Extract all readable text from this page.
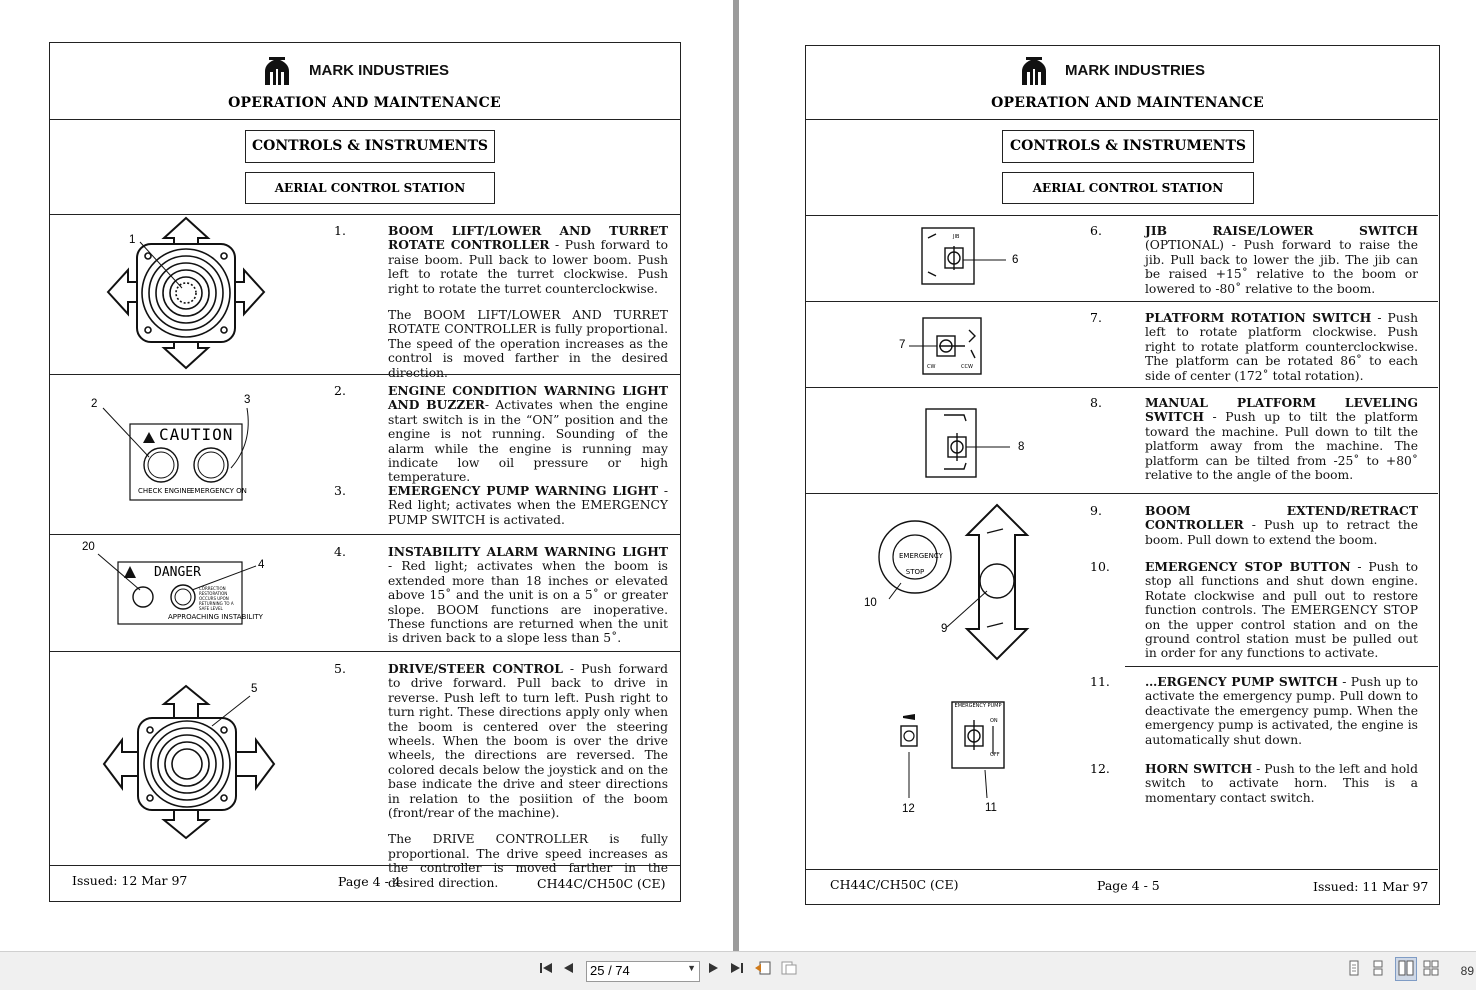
MARK INDUSTRIES
OPERATION AND MAINTENANCE
CONTROLS & INSTRUMENTS
AERIAL CONTROL STATION
1
1.	BOOM LIFT/LOWER AND TURRET ROTATE CONTROLLER - Push forward to raise boom. Pull back to lower boom. Push left to rotate the turret clockwise. Push right to rotate the turret counterclockwise.

The BOOM LIFT/LOWER AND TURRET ROTATE CONTROLLER is fully proportional. The speed of the operation increases as the control is moved farther in the desired direction.

2	3
CAUTION
CHECK ENGINE
EMERGENCY ON
2.	ENGINE CONDITION WARNING LIGHT AND BUZZER- Activates when the engine start switch is in the “ON” position and the engine is not running. Sounding of the alarm while the engine is running may indicate low oil pressure or high temperature.

3.	EMERGENCY PUMP WARNING LIGHT - Red light; activates when the EMERGENCY PUMP SWITCH is activated.

20
4
DANGER
CORRECTION RESTORATION OCCURS UPON RETURNING TO A SAFE LEVEL
APPROACHING INSTABILITY
4.	INSTABILITY ALARM WARNING LIGHT - Red light; activates when the boom is extended more than 18 inches or elevated above 15˚ and the unit is on a 5˚ or greater slope. BOOM functions are inoperative. These functions are returned when the unit is driven back to a slope less than 5˚.

5
5.	DRIVE/STEER CONTROL - Push forward to drive forward. Pull back to drive in reverse. Push left to turn left. Push right to turn right. These directions apply only when the boom is centered over the steering wheels. When the boom is over the drive wheels, the directions are reversed. The colored decals below the joystick and on the base indicate the drive and steer directions in relation to the posiition of the boom (front/rear of the machine).

The DRIVE CONTROLLER is fully proportional. The drive speed increases as the controller is moved farther in the desired direction.

Issued: 12 Mar 97	Page 4 - 4	CH44C/CH50C (CE)
MARK INDUSTRIES
OPERATION AND MAINTENANCE
CONTROLS & INSTRUMENTS
AERIAL CONTROL STATION
JIB
6
6.	JIB RAISE/LOWER SWITCH (OPTIONAL) - Push forward to raise the jib. Pull back to lower the jib. The jib can be raised +15˚ relative to the boom or lowered to -80˚ relative to the boom.

7
CW	CCW
7.	PLATFORM ROTATION SWITCH - Push left to rotate platform clockwise. Push right to rotate platform counterclockwise. The platform can be rotated 86˚ to each side of center (172˚ total rotation).

8
8.	MANUAL PLATFORM LEVELING SWITCH - Push up to tilt the platform toward the machine. Pull down to tilt the platform away from the machine. The platform can be tilted from -25˚ to +80˚ relative to the angle of the boom.

EMERGENCY STOP
10
9
9.	BOOM EXTEND/RETRACT CONTROLLER - Push up to retract the boom. Pull down to extend the boom.

10.	EMERGENCY STOP BUTTON - Push to stop all functions and shut down engine. Rotate clockwise and pull out to restore function controls. The EMERGENCY STOP on the upper control station and on the ground control station must be pulled out in order for any functions to activate.

EMERGENCY PUMP
ON
OFF
12	11
11.	…ERGENCY PUMP SWITCH - Push up to activate the emergency pump. Pull down to deactivate the emergency pump. When the emergency pump is activated, the engine is automatically shut down.

12.	HORN SWITCH - Push to the left and hold switch to activate horn. This is a momentary contact switch.

CH44C/CH50C (CE)	Page 4 - 5	Issued: 11 Mar 97
25 / 74
▼	89
